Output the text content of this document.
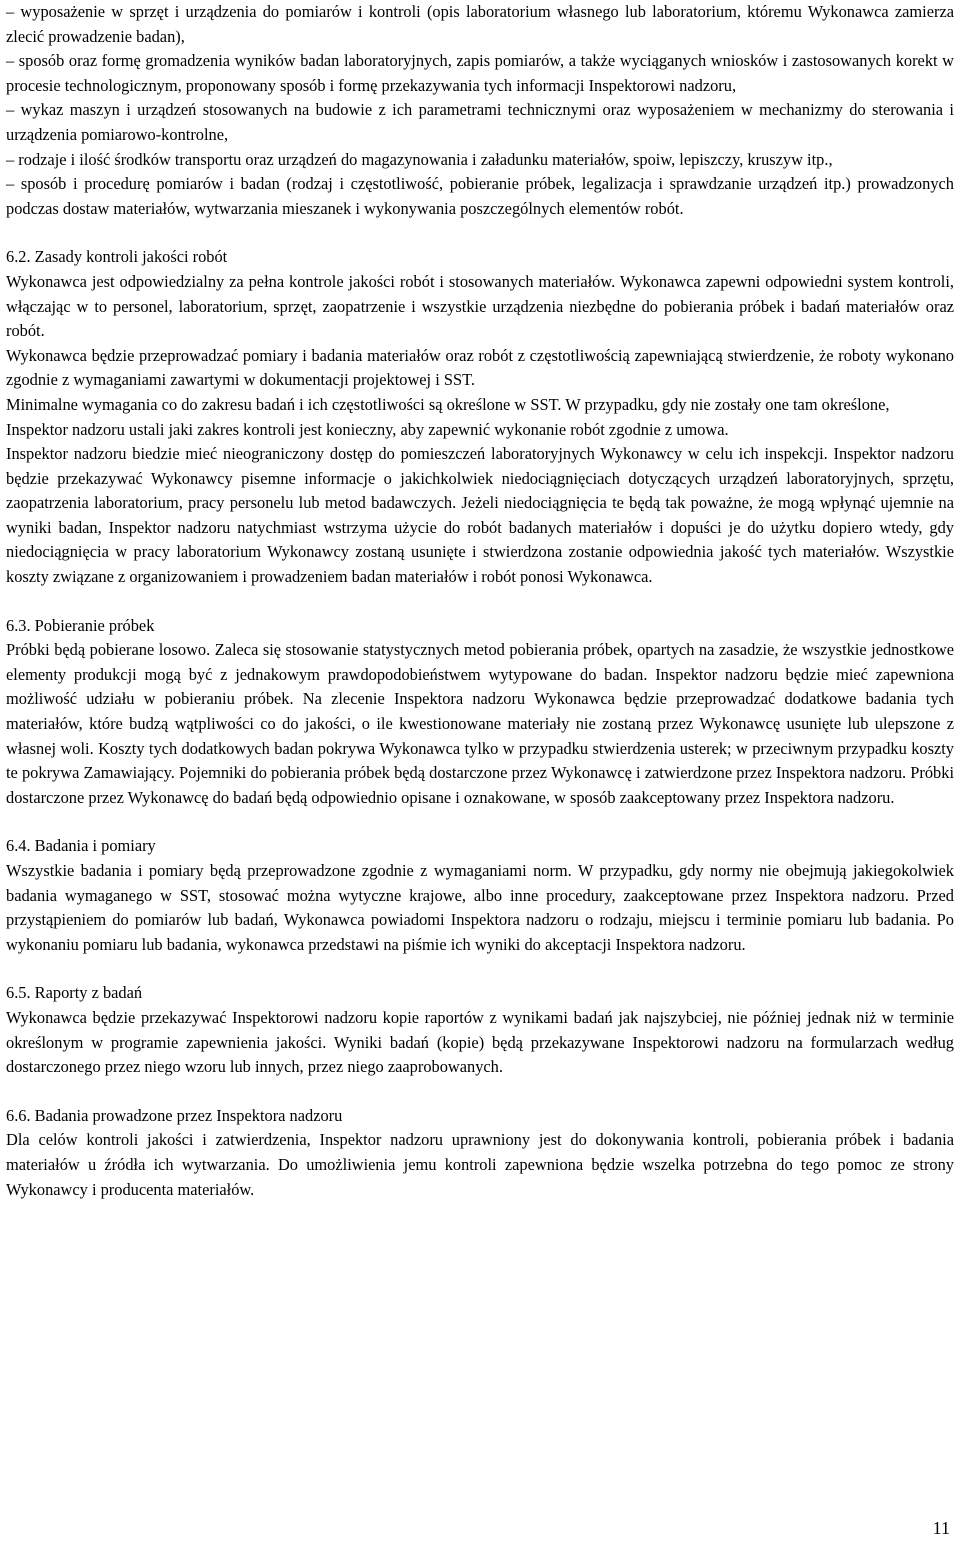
– wyposażenie w sprzęt i urządzenia do pomiarów i kontroli (opis laboratorium własnego lub laboratorium, któremu Wykonawca zamierza zlecić prowadzenie badan),

– sposób oraz formę gromadzenia wyników badan laboratoryjnych, zapis pomiarów, a także wyciąganych wniosków i zastosowanych korekt w procesie technologicznym, proponowany sposób i formę przekazywania tych informacji Inspektorowi nadzoru,

– wykaz maszyn i urządzeń stosowanych na budowie z ich parametrami technicznymi oraz wyposażeniem w mechanizmy do sterowania i urządzenia pomiarowo-kontrolne,

– rodzaje i ilość środków transportu oraz urządzeń do magazynowania i załadunku materiałów, spoiw, lepiszczy, kruszyw itp.,

– sposób i procedurę pomiarów i badan (rodzaj i częstotliwość, pobieranie próbek, legalizacja i sprawdzanie urządzeń itp.) prowadzonych podczas dostaw materiałów, wytwarzania mieszanek i wykonywania poszczególnych elementów robót.

6.2. Zasady kontroli jakości robót

Wykonawca jest odpowiedzialny za pełna kontrole jakości robót i stosowanych materiałów. Wykonawca zapewni odpowiedni system kontroli, włączając w to personel, laboratorium, sprzęt, zaopatrzenie i wszystkie urządzenia niezbędne do pobierania próbek i badań materiałów oraz robót.

Wykonawca będzie przeprowadzać pomiary i badania materiałów oraz robót z częstotliwością zapewniającą stwierdzenie, że roboty wykonano zgodnie z wymaganiami zawartymi w dokumentacji projektowej i SST.

Minimalne wymagania co do zakresu badań i ich częstotliwości są określone w SST. W przypadku, gdy nie zostały one tam określone,

Inspektor nadzoru ustali jaki zakres kontroli jest konieczny, aby zapewnić wykonanie robót zgodnie z umowa.

Inspektor nadzoru biedzie mieć nieograniczony dostęp do pomieszczeń laboratoryjnych Wykonawcy w celu ich inspekcji. Inspektor nadzoru będzie przekazywać Wykonawcy pisemne informacje o jakichkolwiek niedociągnięciach dotyczących urządzeń laboratoryjnych, sprzętu, zaopatrzenia laboratorium, pracy personelu lub metod badawczych. Jeżeli niedociągnięcia te będą tak poważne, że mogą wpłynąć ujemnie na wyniki badan, Inspektor nadzoru natychmiast wstrzyma użycie do robót badanych materiałów i dopuści je do użytku dopiero wtedy, gdy niedociągnięcia w pracy laboratorium Wykonawcy zostaną usunięte i stwierdzona zostanie odpowiednia jakość tych materiałów. Wszystkie koszty związane z organizowaniem i prowadzeniem badan materiałów i robót ponosi Wykonawca.

6.3. Pobieranie próbek

Próbki będą pobierane losowo. Zaleca się stosowanie statystycznych metod pobierania próbek, opartych na zasadzie, że wszystkie jednostkowe elementy produkcji mogą być z jednakowym prawdopodobieństwem wytypowane do badan. Inspektor nadzoru będzie mieć zapewniona możliwość udziału w pobieraniu próbek. Na zlecenie Inspektora nadzoru Wykonawca będzie przeprowadzać dodatkowe badania tych materiałów, które budzą wątpliwości co do jakości, o ile kwestionowane materiały nie zostaną przez Wykonawcę usunięte lub ulepszone z własnej woli. Koszty tych dodatkowych badan pokrywa Wykonawca tylko w przypadku stwierdzenia usterek; w przeciwnym przypadku koszty te pokrywa Zamawiający. Pojemniki do pobierania próbek będą dostarczone przez Wykonawcę i zatwierdzone przez Inspektora nadzoru. Próbki dostarczone przez Wykonawcę do badań będą odpowiednio opisane i oznakowane, w sposób zaakceptowany przez Inspektora nadzoru.

6.4. Badania i pomiary

Wszystkie badania i pomiary będą przeprowadzone zgodnie z wymaganiami norm. W przypadku, gdy normy nie obejmują jakiegokolwiek badania wymaganego w SST, stosować można wytyczne krajowe, albo inne procedury, zaakceptowane przez Inspektora nadzoru. Przed przystąpieniem do pomiarów lub badań, Wykonawca powiadomi Inspektora nadzoru o rodzaju, miejscu i terminie pomiaru lub badania. Po wykonaniu pomiaru lub badania, wykonawca przedstawi na piśmie ich wyniki do akceptacji Inspektora nadzoru.

6.5. Raporty z badań

Wykonawca będzie przekazywać Inspektorowi nadzoru kopie raportów z wynikami badań jak najszybciej, nie później jednak niż w terminie określonym w programie zapewnienia jakości. Wyniki badań (kopie) będą przekazywane Inspektorowi nadzoru na formularzach według dostarczonego przez niego wzoru lub innych, przez niego zaaprobowanych.

6.6. Badania prowadzone przez Inspektora nadzoru

Dla celów kontroli jakości i zatwierdzenia, Inspektor nadzoru uprawniony jest do dokonywania kontroli, pobierania próbek i badania materiałów u źródła ich wytwarzania. Do umożliwienia jemu kontroli zapewniona będzie wszelka potrzebna do tego pomoc ze strony Wykonawcy i producenta materiałów.

11
